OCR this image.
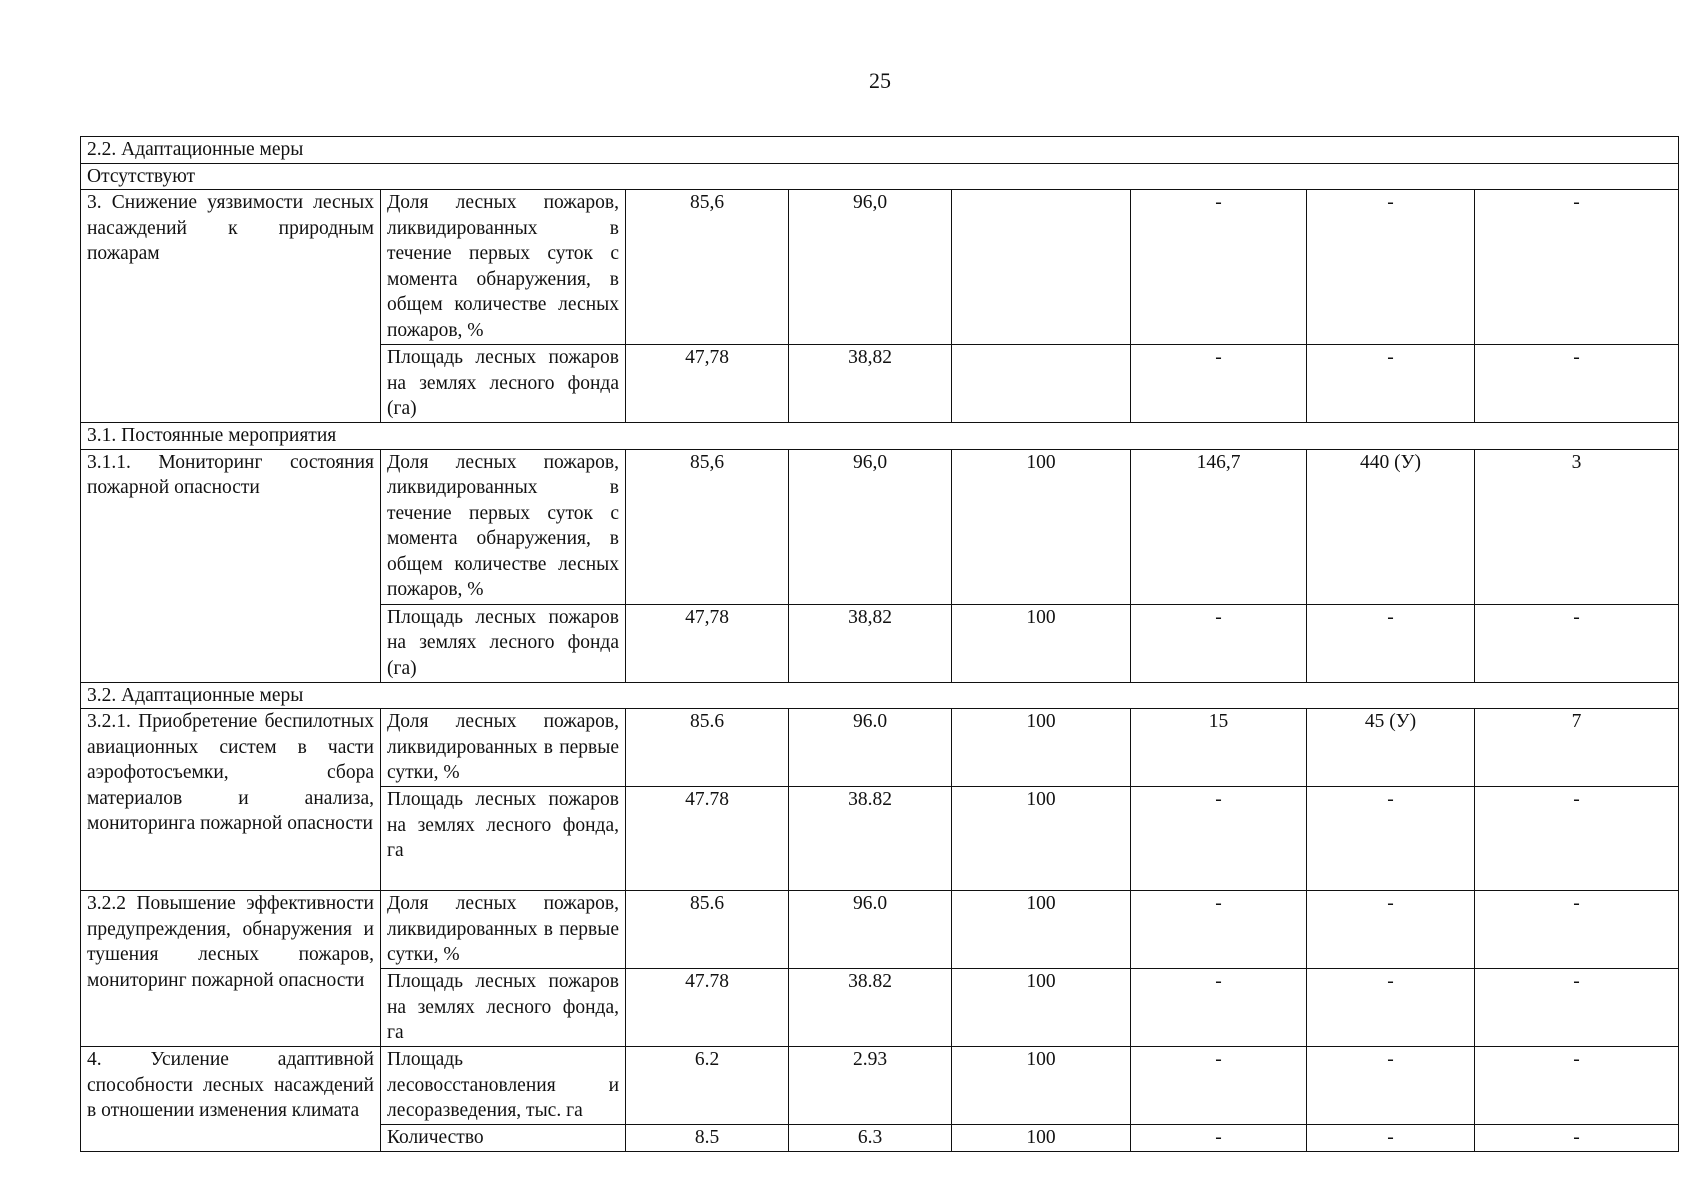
25
2.2. Адаптационные меры							
Отсутствуют							
3. Снижение уязвимости лесных насаждений к природным пожарам	Доля лесных пожаров, ликвидированных в течение первых суток с момента обнаружения, в общем количестве лесных пожаров, %	85,6	96,0		-	-	-
	Площадь лесных пожаров на землях лесного фонда (га)	47,78	38,82		-	-	-
3.1. Постоянные мероприятия							
3.1.1. Мониторинг состояния пожарной опасности	Доля лесных пожаров, ликвидированных в течение первых суток с момента обнаружения, в общем количестве лесных пожаров, %	85,6	96,0	100	146,7	440 (У)	3
	Площадь лесных пожаров на землях лесного фонда (га)	47,78	38,82	100	-	-	-
3.2. Адаптационные меры							
3.2.1. Приобретение беспилотных авиационных систем в части аэрофотосъемки, сбора материалов и анализа, мониторинга пожарной опасности	Доля лесных пожаров, ликвидированных в первые сутки, %	85.6	96.0	100	15	45 (У)	7
	Площадь лесных пожаров на землях лесного фонда, га	47.78	38.82	100	-	-	-
3.2.2 Повышение эффективности предупреждения, обнаружения и тушения лесных пожаров, мониторинг пожарной опасности	Доля лесных пожаров, ликвидированных в первые сутки, %	85.6	96.0	100	-	-	-
	Площадь лесных пожаров на землях лесного фонда, га	47.78	38.82	100	-	-	-
4. Усиление адаптивной способности лесных насаждений в отношении изменения климата	Площадь лесовосстановления и лесоразведения, тыс. га	6.2	2.93	100	-	-	-
	Количество	8.5	6.3	100	-	-	-
